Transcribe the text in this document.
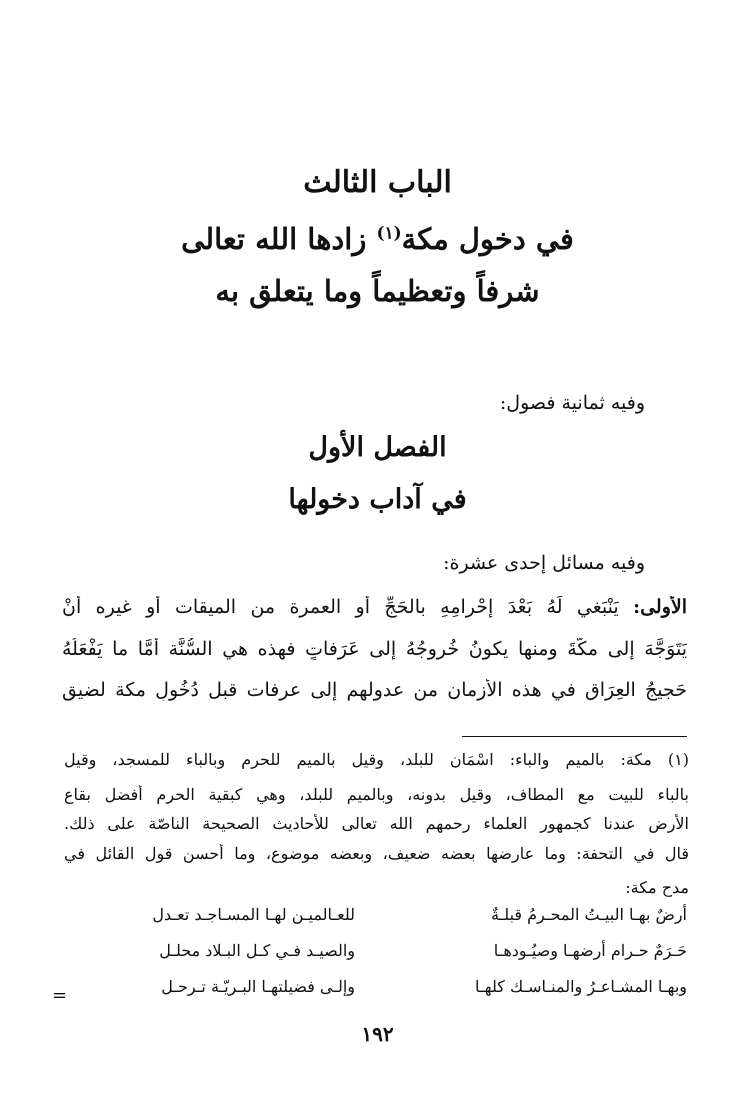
الباب الثالث
في دخول مكة$^{(١)}$ زادها الله تعالى
شرفاً وتعظيماً وما يتعلق به
وفيه ثمانية فصول:
الفصل الأول
في آداب دخولها
وفيه مسائل إحدى عشرة:
الأولى: يَنْبَغي لَهُ بَعْدَ إحْرامِهِ بالحَجِّ أو العمرة من الميقات أو غيره أنْ
يَتَوَجَّهَ إلى مكَّةَ ومنها يكونُ خُروجُهُ إلى عَرَفاتٍ فهذه هي السُّنَّة أمَّا ما يَفْعَلُهُ
حَجيجُ العِرَاقِ في هذه الأَزمان من عدولهم إلى عرفات قبل دُخُولِ مكة لضيق
(١) مكة: بالميم والباء: اسْمَان للبلد، وقيل بالميم للحرم وبالباء للمسجد، وقيل
بالباء للبيت مع المطاف، وقيل بدونه، وبالميم للبلد، وهي كبقية الحرم أفضل بقاع
الأرض عندنا كجمهور العلماء رحمهم الله تعالى للأحاديث الصحيحة الناصّة على ذلك.
قال في التحفة: وما عارضها بعضه ضعيف، وبعضه موضوع، وما أحسن قول القائل في
مدح مكة:
أرضٌ بهـا البيـتُ المحـرمُ قبلـةٌ
للعـالميـن لهـا المسـاجـد تعـدل
حَـرَمٌ حـرام أرضهـا وصيُـودهـا
والصيـد فـي كـل البـلاد محلـل
وبهـا المشـاعـرُ والمنـاسـك كلهـا
وإلـى فضيلتهـا البـريّـة تـرحـل
=
١٩٢
